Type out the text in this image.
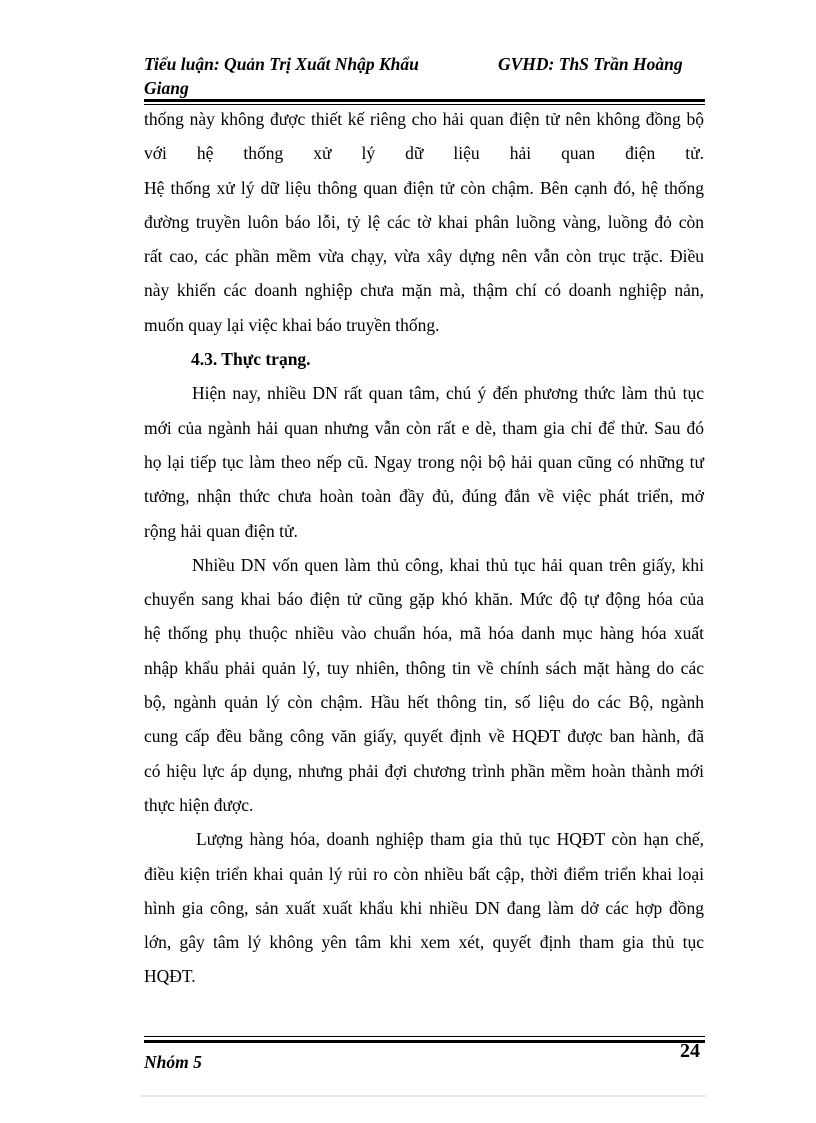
Tiểu luận: Quản Trị Xuất Nhập Khẩu
Giang
GVHD: ThS Trần Hoàng
thống này không được thiết kế riêng cho hải quan điện tử nên không đồng bộ
với hệ thống xử lý dữ liệu hải quan điện tử.
Hệ thống xử lý dữ liệu thông quan điện tử còn chậm. Bên cạnh đó, hệ thống
đường truyền luôn báo lỗi, tỷ lệ các tờ khai phân luồng vàng, luồng đỏ còn
rất cao, các phần mềm vừa chạy, vừa xây dựng nên vẫn còn trục trặc. Điều
này khiến các doanh nghiệp chưa mặn mà, thậm chí có doanh nghiệp nản,
muốn quay lại việc khai báo truyền thống.
4.3. Thực trạng.
Hiện nay, nhiều DN rất quan tâm, chú ý đến phương thức làm thủ tục
mới của ngành hải quan nhưng vẫn còn rất e dè, tham gia chỉ để thử. Sau đó
họ lại tiếp tục làm theo nếp cũ. Ngay trong nội bộ hải quan cũng có những tư
tưởng, nhận thức chưa hoàn toàn đầy đủ, đúng đắn về việc phát triển, mở
rộng hải quan điện tử.
Nhiều DN vốn quen làm thủ công, khai thủ tục hải quan trên giấy, khi
chuyển sang khai báo điện tử cũng gặp khó khăn. Mức độ tự động hóa của
hệ thống phụ thuộc nhiều vào chuẩn hóa, mã hóa danh mục hàng hóa xuất
nhập khẩu phải quản lý, tuy nhiên, thông tin về chính sách mặt hàng do các
bộ, ngành quản lý còn chậm. Hầu hết thông tin, số liệu do các Bộ, ngành
cung cấp đều bằng công văn giấy, quyết định về HQĐT được ban hành, đã
có hiệu lực áp dụng, nhưng phải đợi chương trình phần mềm hoàn thành mới
thực hiện được.
Lượng hàng hóa, doanh nghiệp tham gia thủ tục HQĐT còn hạn chế,
điều kiện triển khai quản lý rủi ro còn nhiều bất cập, thời điểm triển khai loại
hình gia công, sản xuất xuất khẩu khi nhiều DN đang làm dở các hợp đồng
lớn, gây tâm lý không yên tâm khi xem xét, quyết định tham gia thủ tục
HQĐT.
Nhóm 5	24
